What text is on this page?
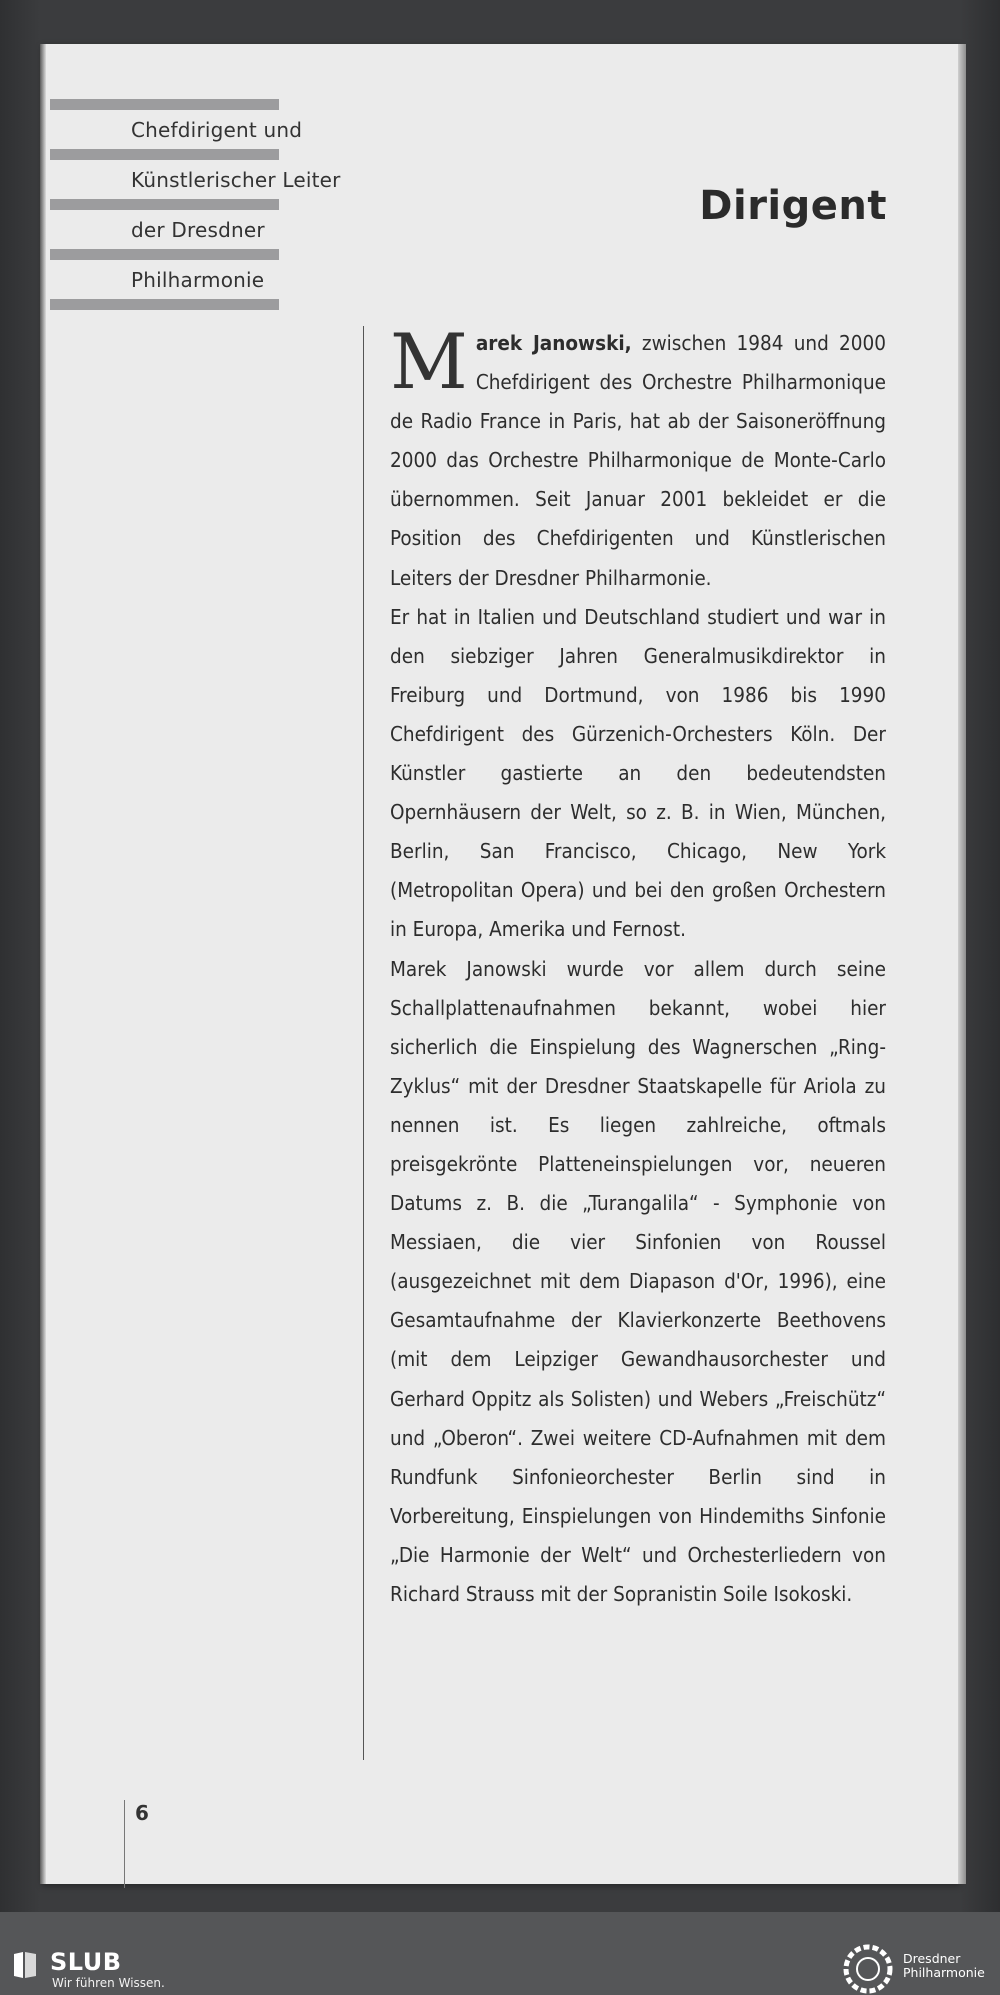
Chefdirigent und
Künstlerischer Leiter
der Dresdner
Philharmonie
Dirigent

Marek Janowski, zwischen 1984 und 2000 Chefdirigent des Orchestre Philharmonique de Radio France in Paris, hat ab der Saisoneröffnung 2000 das Orchestre Philharmonique de Monte-Carlo übernommen. Seit Januar 2001 bekleidet er die Position des Chefdirigenten und Künstlerischen Leiters der Dresdner Philharmonie.

Er hat in Italien und Deutschland studiert und war in den siebziger Jahren Generalmusikdirektor in Freiburg und Dortmund, von 1986 bis 1990 Chefdirigent des Gürzenich-Orchesters Köln. Der Künstler gastierte an den bedeutendsten Opernhäusern der Welt, so z. B. in Wien, München, Berlin, San Francisco, Chicago, New York (Metropolitan Opera) und bei den großen Orchestern in Europa, Amerika und Fernost.

Marek Janowski wurde vor allem durch seine Schallplattenaufnahmen bekannt, wobei hier sicherlich die Einspielung des Wagnerschen „Ring-Zyklus“ mit der Dresdner Staatskapelle für Ariola zu nennen ist. Es liegen zahlreiche, oftmals preisgekrönte Platteneinspielungen vor, neueren Datums z. B. die „Turangalila“ - Symphonie von Messiaen, die vier Sinfonien von Roussel (ausgezeichnet mit dem Diapason d'Or, 1996), eine Gesamtaufnahme der Klavierkonzerte Beethovens (mit dem Leipziger Gewandhausorchester und Gerhard Oppitz als Solisten) und Webers „Freischütz“ und „Oberon“. Zwei weitere CD-Aufnahmen mit dem Rundfunk Sinfonieorchester Berlin sind in Vorbereitung, Einspielungen von Hindemiths Sinfonie „Die Harmonie der Welt“ und Orchesterliedern von Richard Strauss mit der Sopranistin Soile Isokoski.

6
SLUB
Wir führen Wissen.
Dresdner
Philharmonie
